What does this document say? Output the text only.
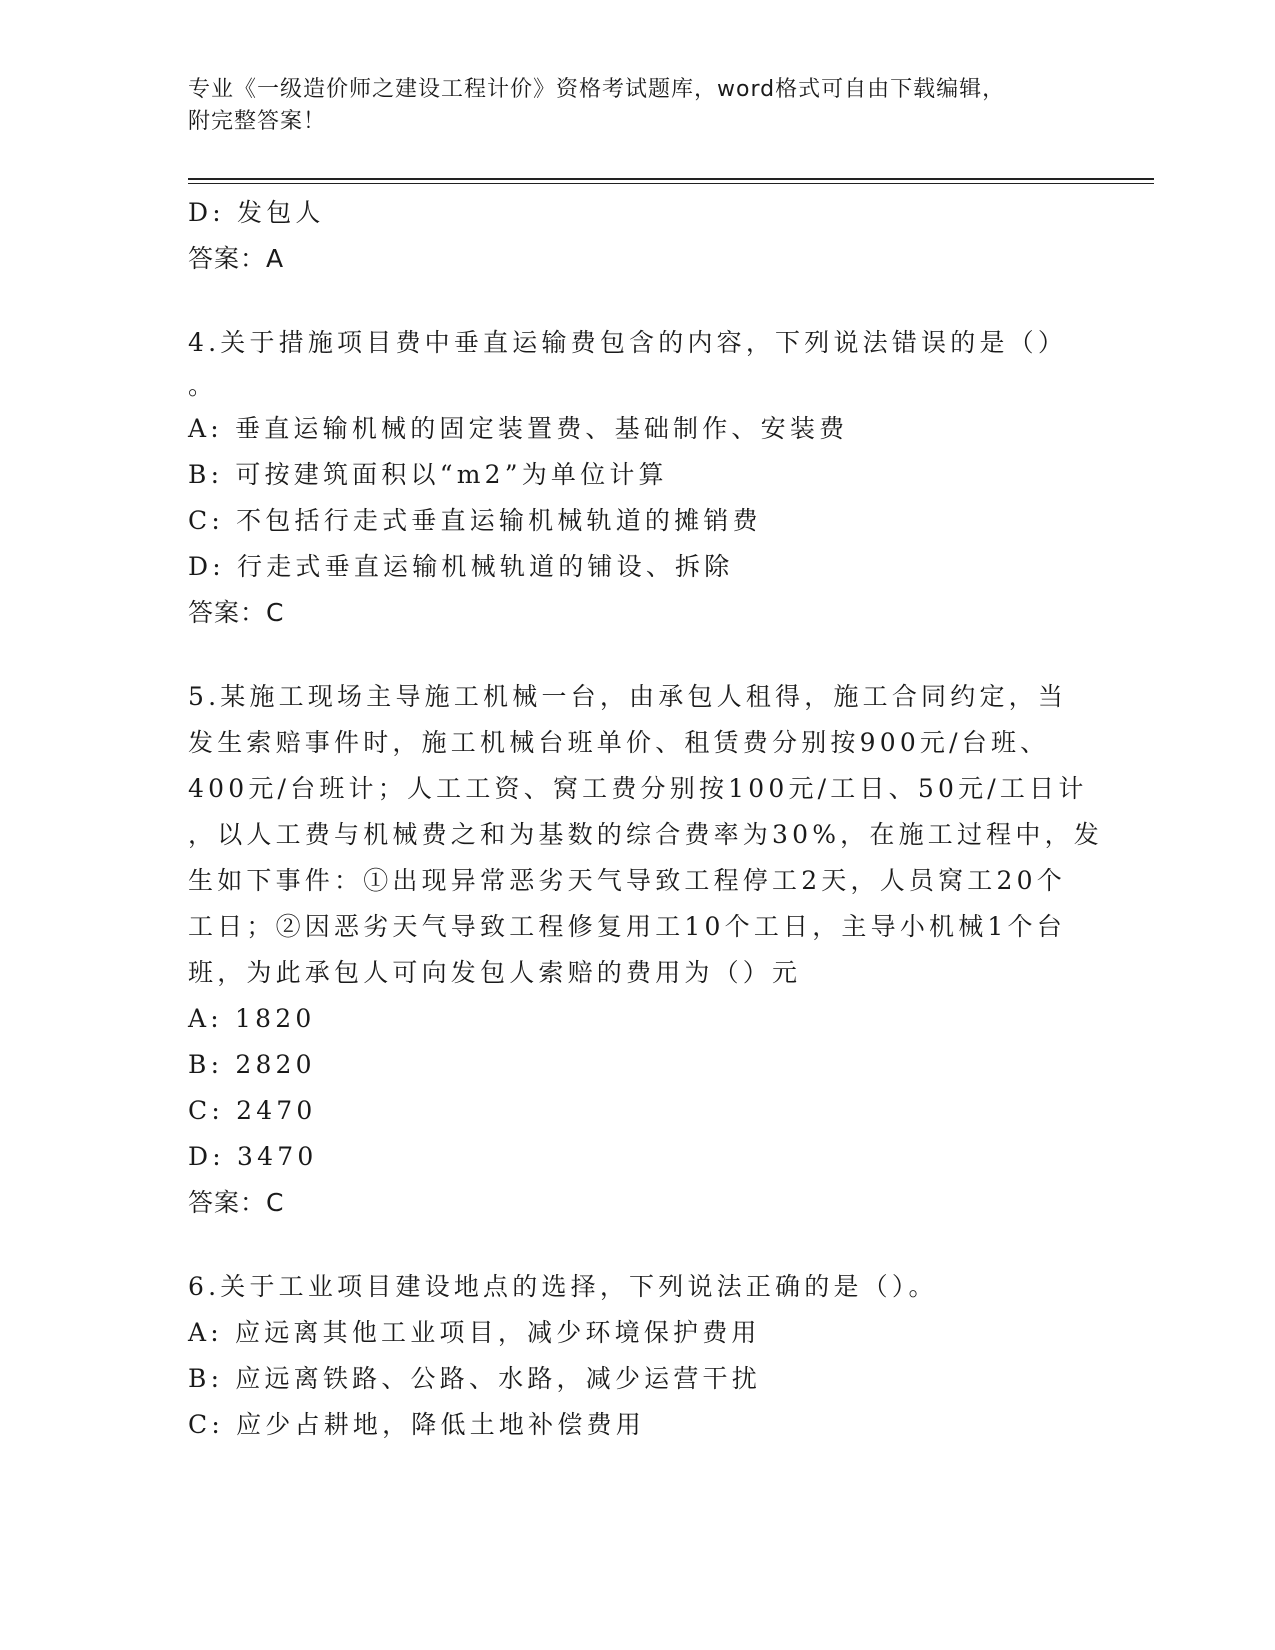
专业《一级造价师之建设工程计价》资格考试题库，word格式可自由下载编辑，
附完整答案！
D: 发包人
答案：A
4.关于措施项目费中垂直运输费包含的内容，下列说法错误的是（）
。
A: 垂直运输机械的固定装置费、基础制作、安装费
B: 可按建筑面积以“m2”为单位计算
C: 不包括行走式垂直运输机械轨道的摊销费
D: 行走式垂直运输机械轨道的铺设、拆除
答案：C
5.某施工现场主导施工机械一台，由承包人租得，施工合同约定，当
发生索赔事件时，施工机械台班单价、租赁费分别按900元/台班、
400元/台班计；人工工资、窝工费分别按100元/工日、50元/工日计
，以人工费与机械费之和为基数的综合费率为30%，在施工过程中，发
生如下事件：①出现异常恶劣天气导致工程停工2天，人员窝工20个
工日；②因恶劣天气导致工程修复用工10个工日，主导小机械1个台
班，为此承包人可向发包人索赔的费用为（）元
A: 1820
B: 2820
C: 2470
D: 3470
答案：C
6.关于工业项目建设地点的选择，下列说法正确的是（）。
A: 应远离其他工业项目，减少环境保护费用
B: 应远离铁路、公路、水路，减少运营干扰
C: 应少占耕地，降低土地补偿费用
